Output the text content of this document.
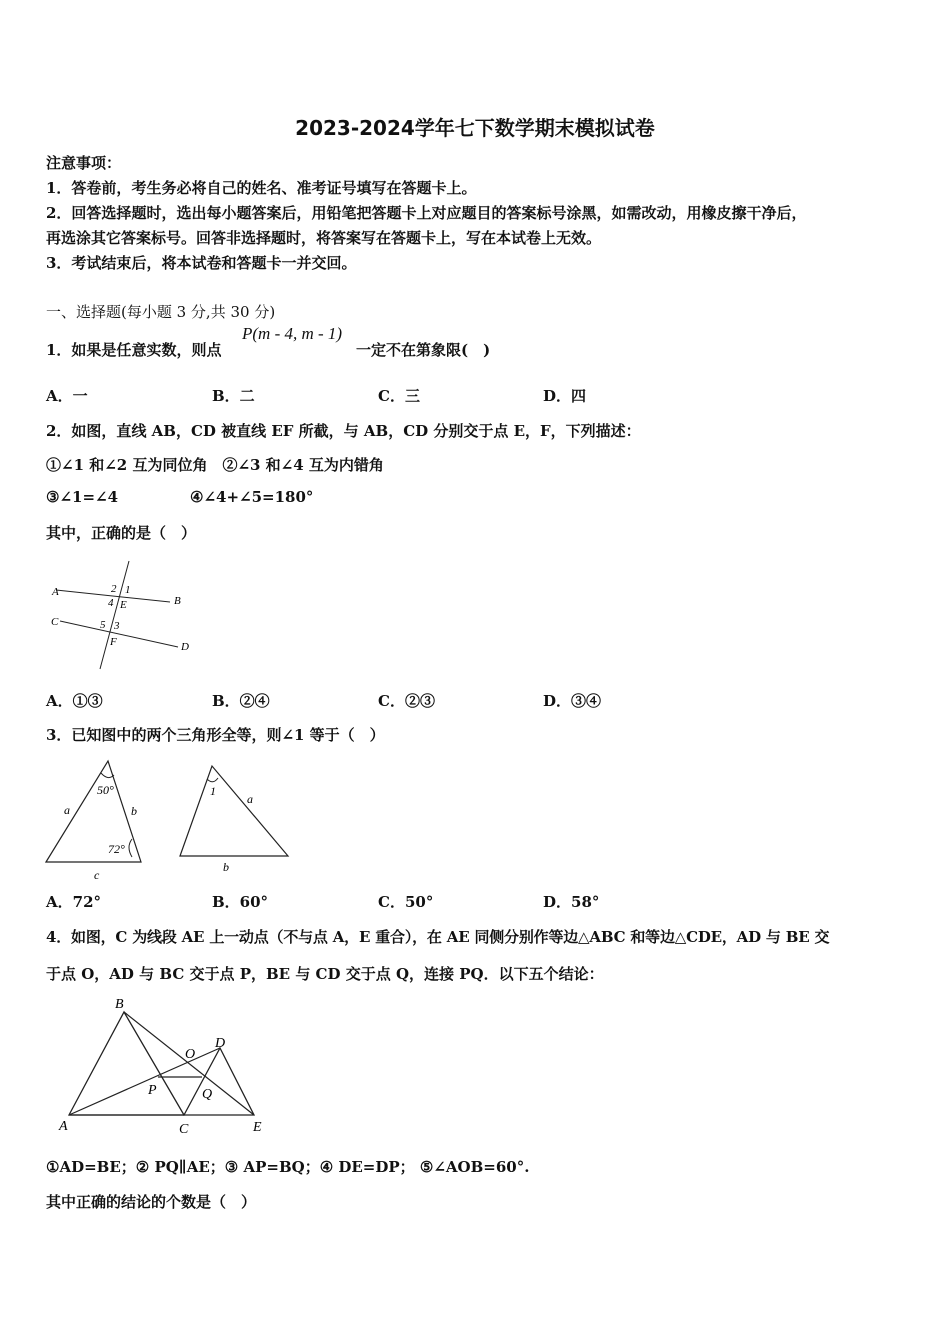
2023-2024学年七下数学期末模拟试卷
注意事项：
1．答卷前，考生务必将自己的姓名、准考证号填写在答题卡上。
2．回答选择题时，选出每小题答案后，用铅笔把答题卡上对应题目的答案标号涂黑，如需改动，用橡皮擦干净后，
再选涂其它答案标号。回答非选择题时，将答案写在答题卡上，写在本试卷上无效。
3．考试结束后，将本试卷和答题卡一并交回。
一、选择题(每小题 3 分,共 30 分)
1．如果是任意实数，则点
P(m - 4, m - 1)
一定不在第象限(　)
A．一	B．二	C．三	D．四
2．如图，直线 AB，CD 被直线 EF 所截，与 AB，CD 分别交于点 E，F，下列描述：
①∠1 和∠2 互为同位角　②∠3 和∠4 互为内错角
③∠1=∠4	④∠4+∠5=180°
其中，正确的是（　）
A
B
C
D
E
F
1
2
3
4
5
A．①③	B．②④	C．②③	D．③④
3．已知图中的两个三角形全等，则∠1 等于（　）
50°
72°
a	b
c
1
a
b
A．72°	B．60°	C．50°	D．58°
4．如图，C 为线段 AE 上一动点（不与点 A，E 重合），在 AE 同侧分别作等边△ABC 和等边△CDE，AD 与 BE 交
于点 O，AD 与 BC 交于点 P，BE 与 CD 交于点 Q，连接 PQ．以下五个结论：
A
B
C
D
E
O
P	Q
①AD=BE；② PQ∥AE；③ AP=BQ；④ DE=DP； ⑤∠AOB=60°.
其中正确的结论的个数是（　）
